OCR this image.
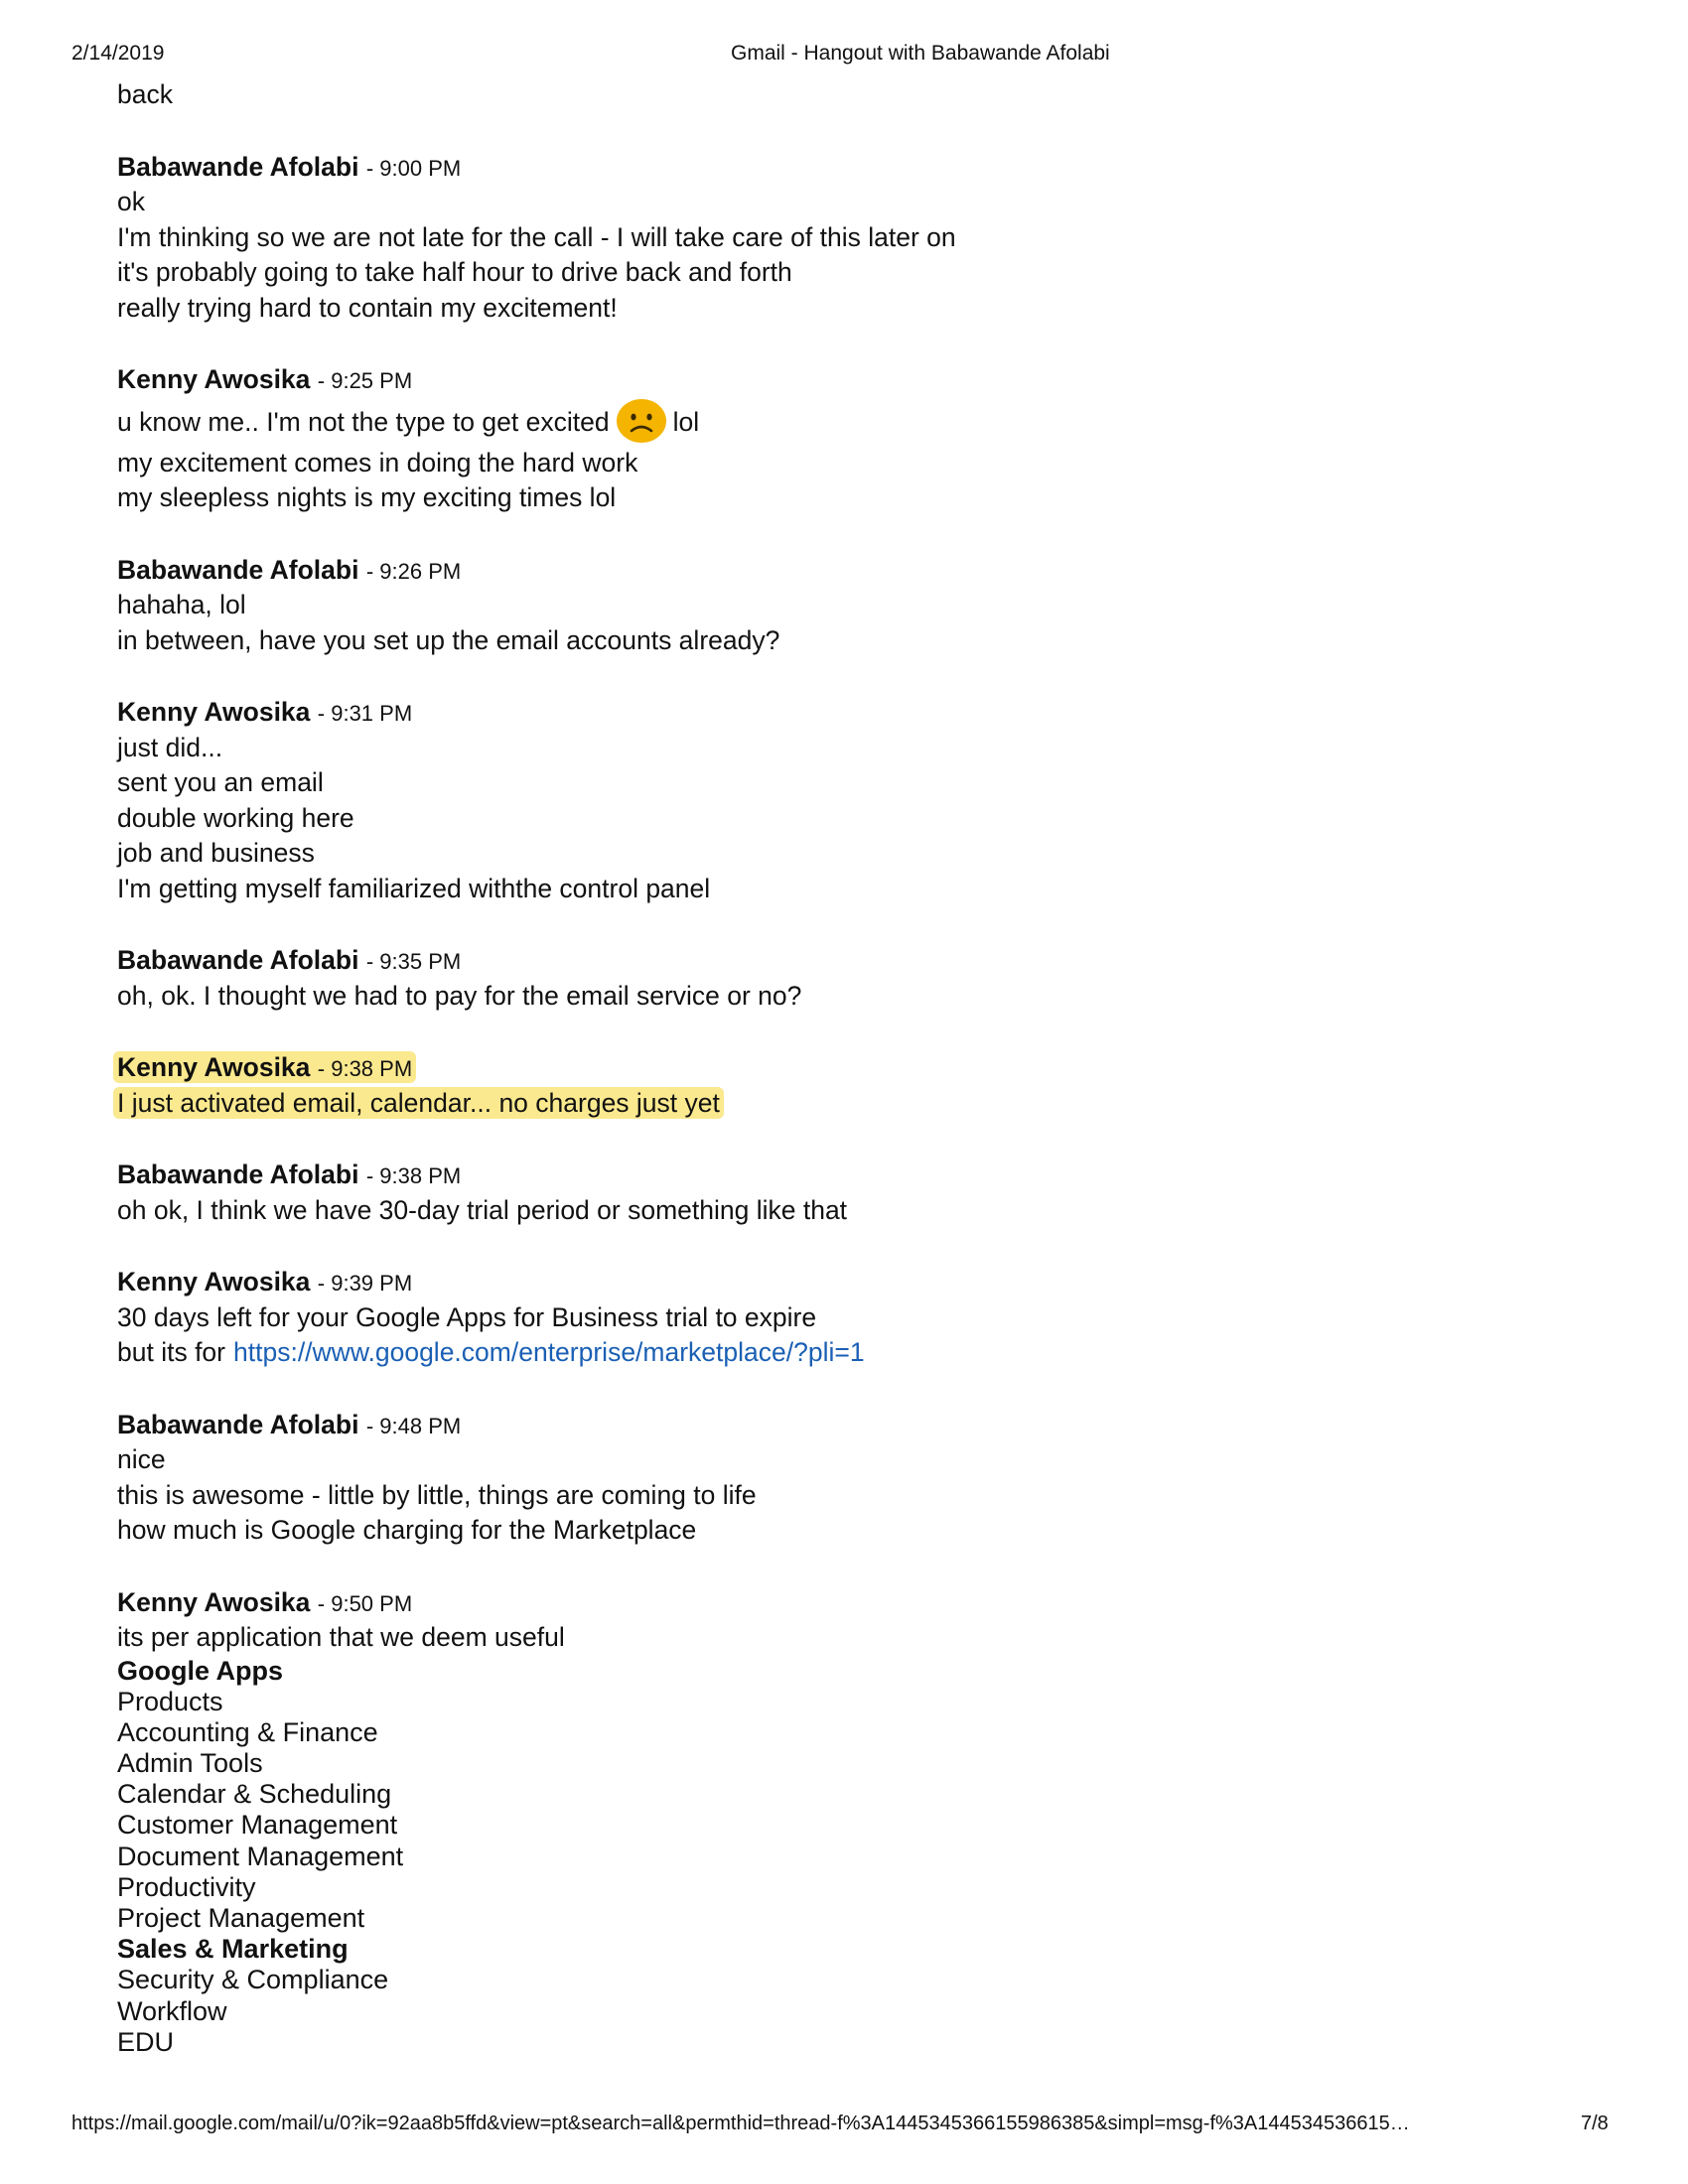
2/14/2019	Gmail - Hangout with Babawande Afolabi
back
Babawande Afolabi - 9:00 PM
ok
I'm thinking so we are not late for the call - I will take care of this later on
it's probably going to take half hour to drive back and forth
really trying hard to contain my excitement!
Kenny Awosika - 9:25 PM
u know me.. I'm not the type to get excited lol
my excitement comes in doing the hard work
my sleepless nights is my exciting times lol
Babawande Afolabi - 9:26 PM
hahaha, lol
in between, have you set up the email accounts already?
Kenny Awosika - 9:31 PM
just did...
sent you an email
double working here
job and business
I'm getting myself familiarized withthe control panel
Babawande Afolabi - 9:35 PM
oh, ok. I thought we had to pay for the email service or no?
Kenny Awosika - 9:38 PM
I just activated email, calendar... no charges just yet
Babawande Afolabi - 9:38 PM
oh ok, I think we have 30-day trial period or something like that
Kenny Awosika - 9:39 PM
30 days left for your Google Apps for Business trial to expire
but its for https://www.google.com/enterprise/marketplace/?pli=1
Babawande Afolabi - 9:48 PM
nice
this is awesome - little by little, things are coming to life
how much is Google charging for the Marketplace
Kenny Awosika - 9:50 PM
its per application that we deem useful
Google Apps
Products
Accounting & Finance
Admin Tools
Calendar & Scheduling
Customer Management
Document Management
Productivity
Project Management
Sales & Marketing
Security & Compliance
Workflow
EDU
https://mail.google.com/mail/u/0?ik=92aa8b5ffd&view=pt&search=all&permthid=thread-f%3A1445345366155986385&simpl=msg-f%3A144534536615…	7/8
